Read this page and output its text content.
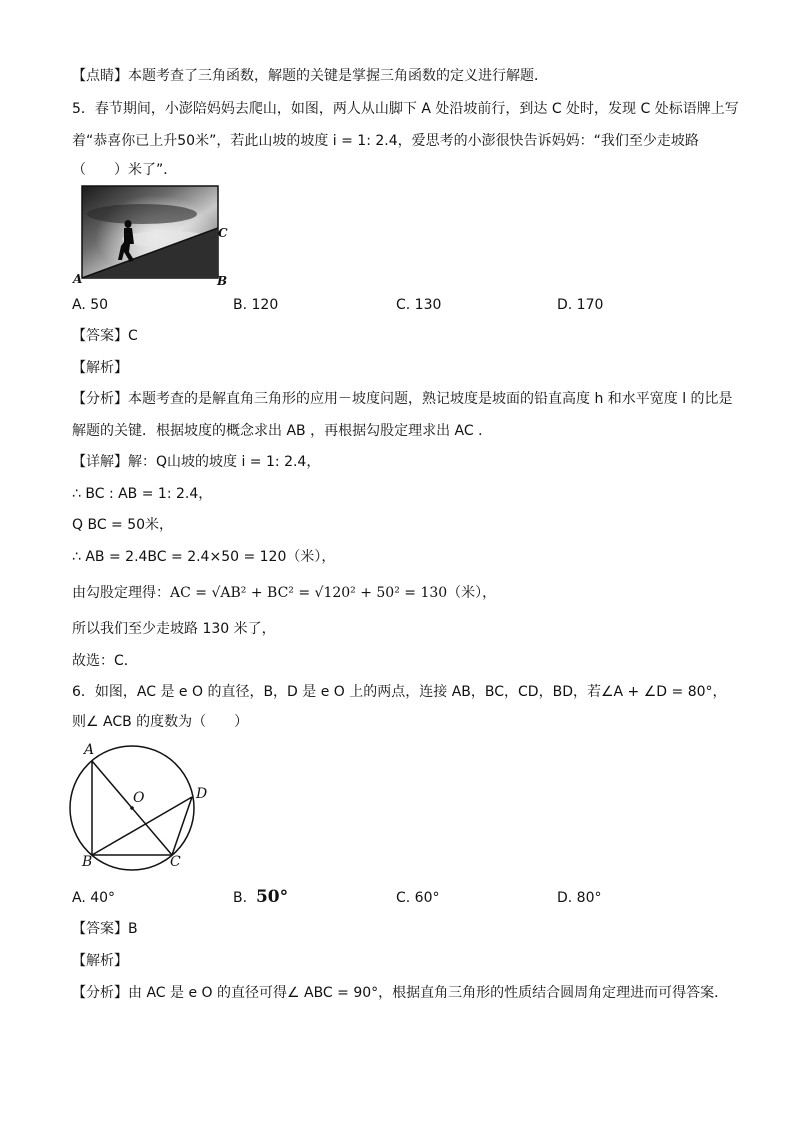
【点睛】本题考查了三角函数，解题的关键是掌握三角函数的定义进行解题．
5．春节期间，小澎陪妈妈去爬山，如图，两人从山脚下 A 处沿坡前行，到达 C 处时，发现 C 处标语牌上写
着“恭喜你已上升50米”，若此山坡的坡度 i = 1: 2.4，爱思考的小澎很快告诉妈妈：“我们至少走坡路
（　　）米了”．
A	B
C
A. 50	B. 120	C. 130	D. 170
【答案】C
【解析】
【分析】本题考查的是解直角三角形的应用－坡度问题，熟记坡度是坡面的铅直高度 h 和水平宽度 l 的比是
解题的关键．根据坡度的概念求出 AB ，再根据勾股定理求出 AC ．
【详解】解：Q山坡的坡度 i = 1: 2.4，
∴ BC : AB = 1: 2.4，
Q BC = 50米，
∴ AB = 2.4BC = 2.4×50 = 120（米），
由勾股定理得：AC = √AB² + BC² = √120² + 50² = 130（米），
所以我们至少走坡路 130 米了，
故选：C．
6．如图，AC 是 e O 的直径，B，D 是 e O 上的两点，连接 AB，BC，CD，BD，若∠A + ∠D = 80°，
则∠ ACB 的度数为（　　）
A
O	D
B	C
A. 40°	B. 50°	C. 60°	D. 80°
【答案】B
【解析】
【分析】由 AC 是 e O 的直径可得∠ ABC = 90°，根据直角三角形的性质结合圆周角定理进而可得答案．
